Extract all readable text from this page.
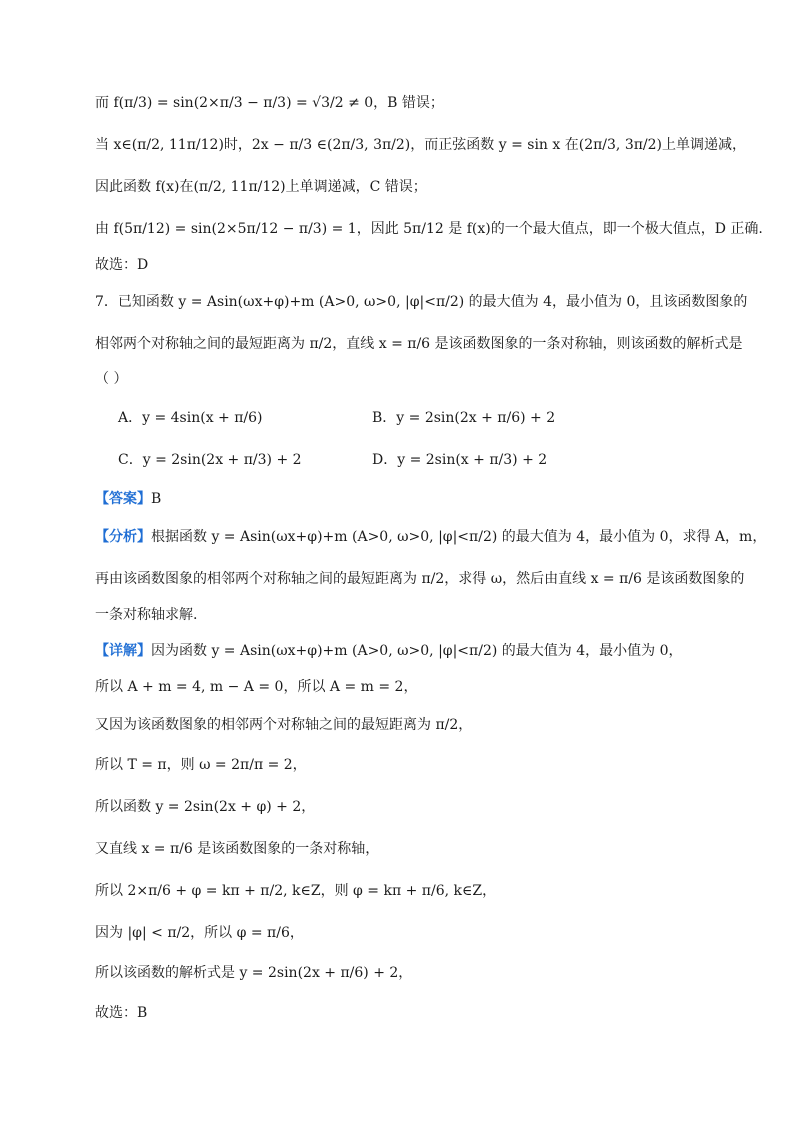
而 f(π/3) = sin(2×π/3 − π/3) = √3/2 ≠ 0，B 错误；
当 x∈(π/2, 11π/12)时，2x − π/3 ∈(2π/3, 3π/2)，而正弦函数 y = sin x 在(2π/3, 3π/2)上单调递减，
因此函数 f(x)在(π/2, 11π/12)上单调递减，C 错误；
由 f(5π/12) = sin(2×5π/12 − π/3) = 1，因此 5π/12 是 f(x)的一个最大值点，即一个极大值点，D 正确.
故选：D
7．已知函数 y = Asin(ωx+φ)+m (A>0, ω>0, |φ|<π/2) 的最大值为 4，最小值为 0，且该函数图象的
相邻两个对称轴之间的最短距离为 π/2，直线 x = π/6 是该函数图象的一条对称轴，则该函数的解析式是
（ ）
A．y = 4sin(x + π/6)	B．y = 2sin(2x + π/6) + 2
C．y = 2sin(2x + π/3) + 2	D．y = 2sin(x + π/3) + 2
【答案】 B
【分析】 根据函数 y = Asin(ωx+φ)+m (A>0, ω>0, |φ|<π/2) 的最大值为 4，最小值为 0，求得 A，m，
再由该函数图象的相邻两个对称轴之间的最短距离为 π/2，求得 ω，然后由直线 x = π/6 是该函数图象的
一条对称轴求解.
【详解】 因为函数 y = Asin(ωx+φ)+m (A>0, ω>0, |φ|<π/2) 的最大值为 4，最小值为 0，
所以 A + m = 4, m − A = 0，所以 A = m = 2，
又因为该函数图象的相邻两个对称轴之间的最短距离为 π/2，
所以 T = π，则 ω = 2π/π = 2，
所以函数 y = 2sin(2x + φ) + 2，
又直线 x = π/6 是该函数图象的一条对称轴，
所以 2×π/6 + φ = kπ + π/2, k∈Z，则 φ = kπ + π/6, k∈Z，
因为 |φ| < π/2，所以 φ = π/6，
所以该函数的解析式是 y = 2sin(2x + π/6) + 2，
故选：B
